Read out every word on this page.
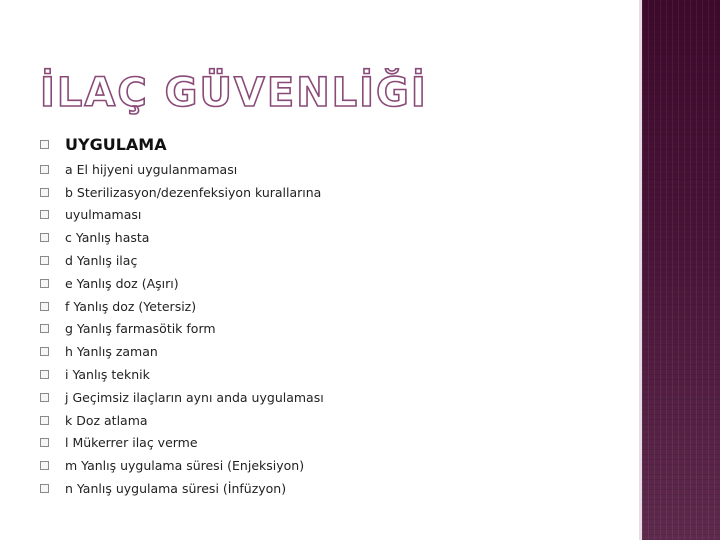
İLAÇ GÜVENLİĞİ
UYGULAMA
a El hijyeni uygulanmaması
b Sterilizasyon/dezenfeksiyon kurallarına
uyulmaması
c Yanlış hasta
d Yanlış ilaç
e Yanlış doz (Aşırı)
f Yanlış doz (Yetersiz)
g Yanlış farmasötik form
h Yanlış zaman
i Yanlış teknik
j Geçimsiz ilaçların aynı anda uygulaması
k Doz atlama
l Mükerrer ilaç verme
m Yanlış uygulama süresi (Enjeksiyon)
n Yanlış uygulama süresi (İnfüzyon)
